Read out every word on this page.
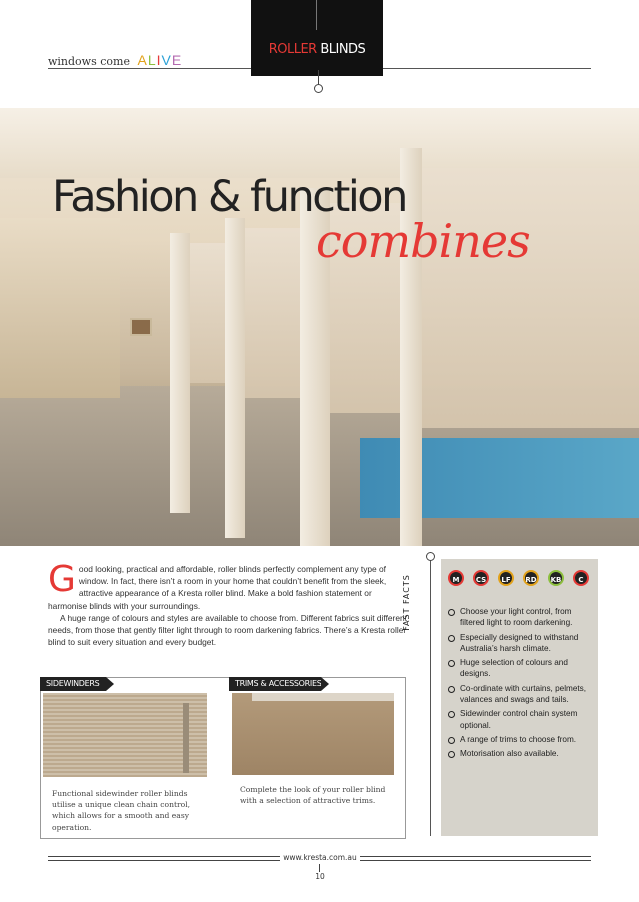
windows come ALIVE
ROLLER BLINDS
Fashion & function
combines

Good looking, practical and affordable, roller blinds perfectly complement any type of window. In fact, there isn’t a room in your home that couldn’t benefit from the sleek, attractive appearance of a Kresta roller blind. Make a bold fashion statement or harmonise blinds with your surroundings.

A huge range of colours and styles are available to choose from. Different fabrics suit different needs, from those that gently filter light through to room darkening fabrics. There’s a Kresta roller blind to suit every situation and every budget.

SIDEWINDERS	TRIMS & ACCESSORIES
Functional sidewinder roller blinds utilise a unique clean chain control, which allows for a smooth and easy operation.
Complete the look of your roller blind with a selection of attractive trims.
FAST FACTS	M	CS	LF	RD	KB	C
Choose your light control, from filtered light to room darkening.
Especially designed to withstand Australia’s harsh climate.
Huge selection of colours and designs.
Co-ordinate with curtains, pelmets, valances and swags and tails.
Sidewinder control chain system optional.
A range of trims to choose from.
Motorisation also available.
www.kresta.com.au
10
